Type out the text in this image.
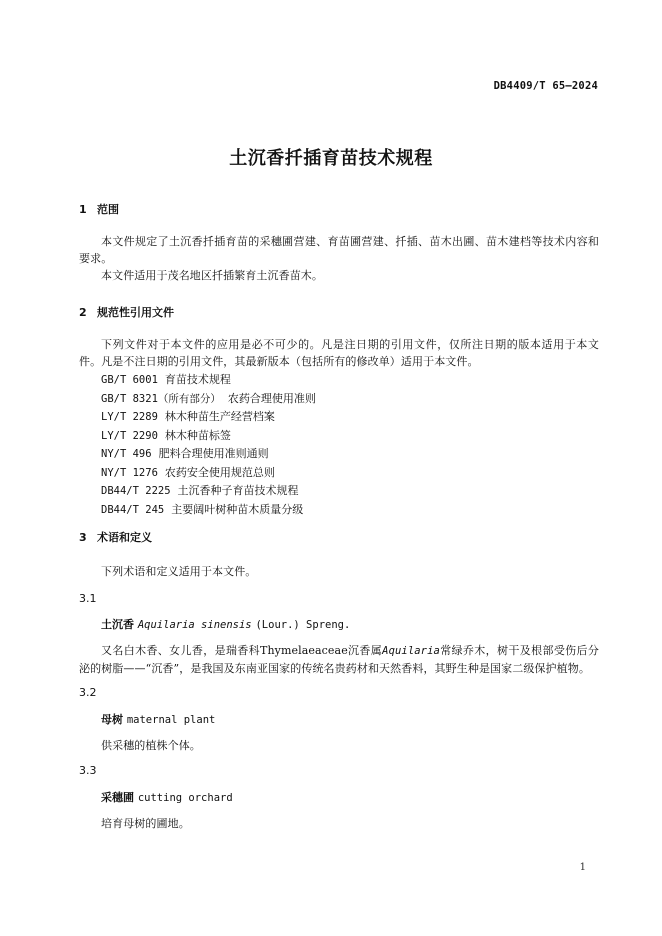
DB4409/T 65—2024
土沉香扦插育苗技术规程
1 范围
本文件规定了土沉香扦插育苗的采穗圃营建、育苗圃营建、扦插、苗木出圃、苗木建档等技术内容和要求。
本文件适用于茂名地区扦插繁育土沉香苗木。
2 规范性引用文件
下列文件对于本文件的应用是必不可少的。凡是注日期的引用文件，仅所注日期的版本适用于本文件。凡是不注日期的引用文件，其最新版本（包括所有的修改单）适用于本文件。
GB/T 6001 育苗技术规程
GB/T 8321（所有部分） 农药合理使用准则
LY/T 2289 林木种苗生产经营档案
LY/T 2290 林木种苗标签
NY/T 496 肥料合理使用准则通则
NY/T 1276 农药安全使用规范总则
DB44/T 2225 土沉香种子育苗技术规程
DB44/T 245 主要阔叶树种苗木质量分级
3 术语和定义
下列术语和定义适用于本文件。
3.1
土沉香 Aquilaria sinensis (Lour.) Spreng.
又名白木香、女儿香，是瑞香科Thymelaeaceae沉香属Aquilaria常绿乔木，树干及根部受伤后分泌的树脂——“沉香”，是我国及东南亚国家的传统名贵药材和天然香料，其野生种是国家二级保护植物。
3.2
母树 maternal plant
供采穗的植株个体。
3.3
采穗圃 cutting orchard
培育母树的圃地。
1
